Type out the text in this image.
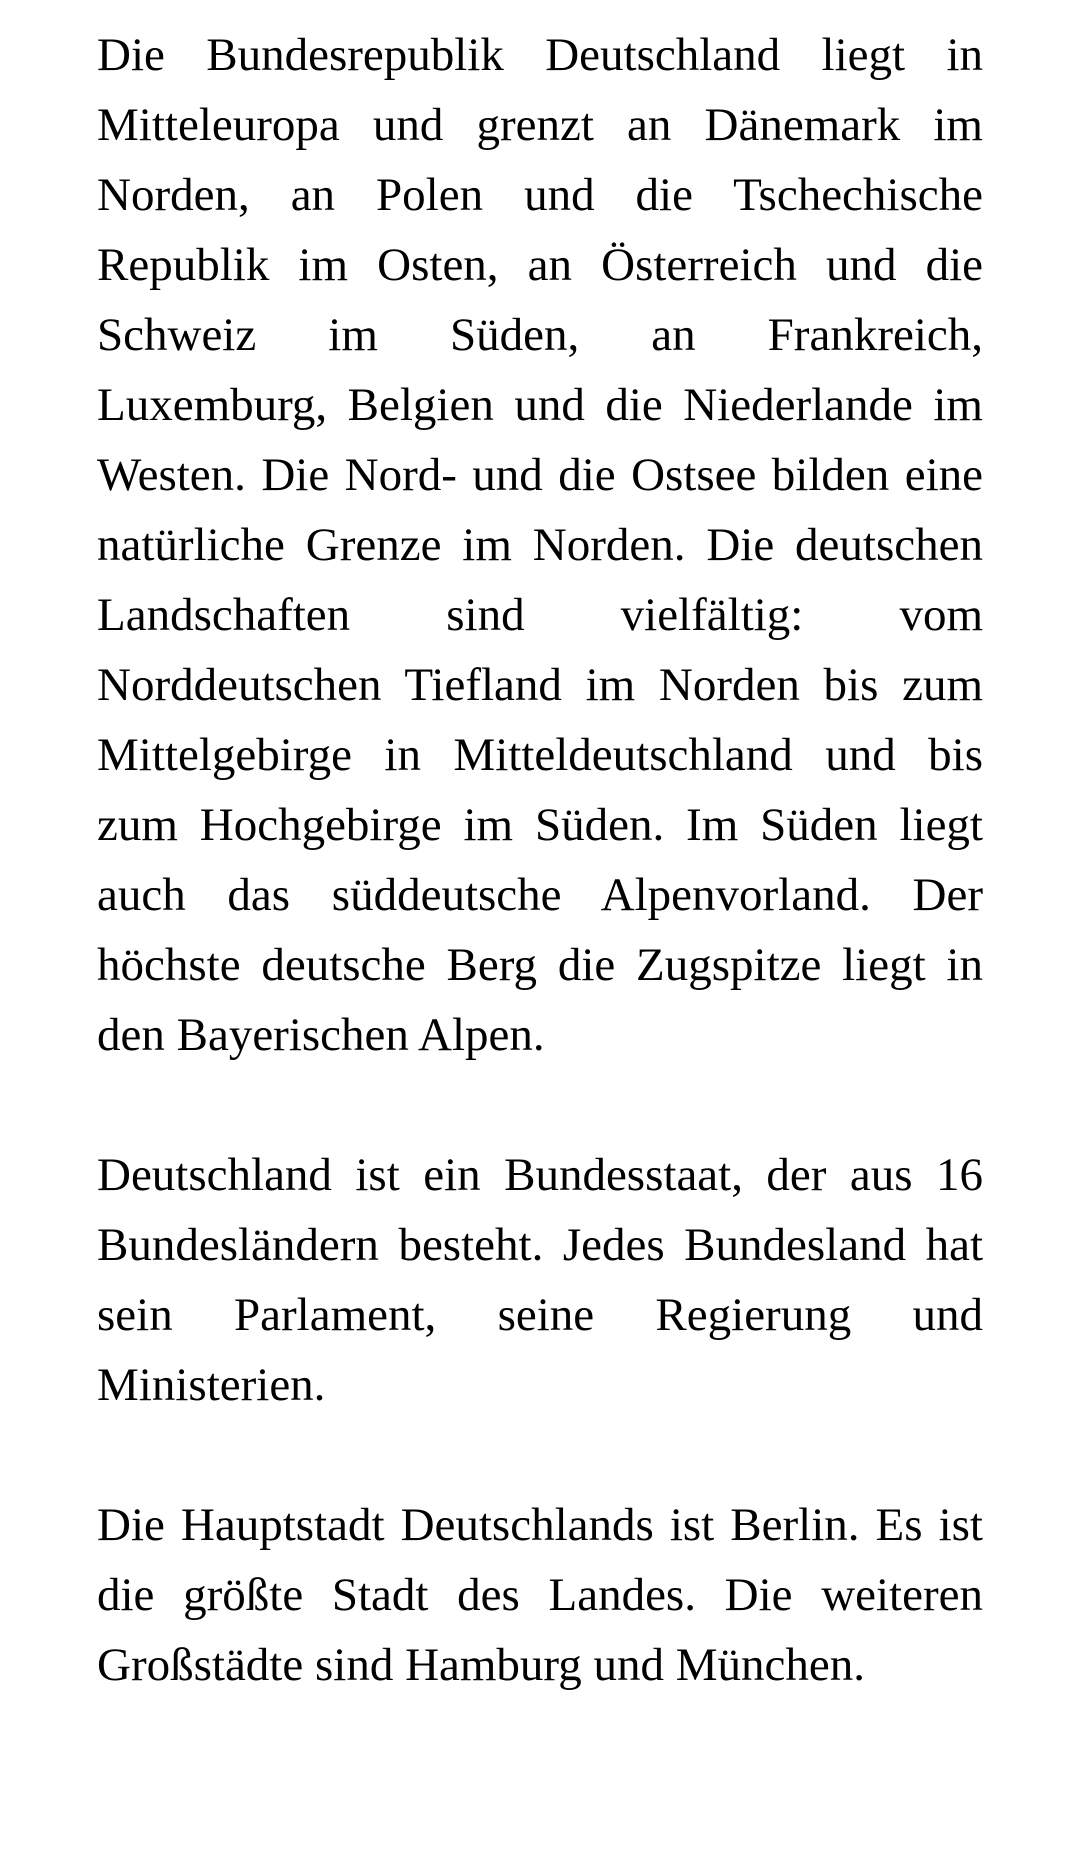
Die Bundesrepublik Deutschland liegt in Mitteleuropa und grenzt an Dänemark im Norden, an Polen und die Tschechische Republik im Osten, an Österreich und die Schweiz im Süden, an Frankreich, Luxemburg, Belgien und die Niederlande im Westen. Die Nord- und die Ostsee bilden eine natürliche Grenze im Norden. Die deutschen Landschaften sind vielfältig: vom Norddeutschen Tiefland im Norden bis zum Mittelgebirge in Mitteldeutschland und bis zum Hochgebirge im Süden. Im Süden liegt auch das süddeutsche Alpenvorland. Der höchste deutsche Berg die Zugspitze liegt in den Bayerischen Alpen.

Deutschland ist ein Bundesstaat, der aus 16 Bundesländern besteht. Jedes Bundesland hat sein Parlament, seine Regierung und Ministerien.

Die Hauptstadt Deutschlands ist Berlin. Es ist die größte Stadt des Landes. Die weiteren Großstädte sind Hamburg und München.
